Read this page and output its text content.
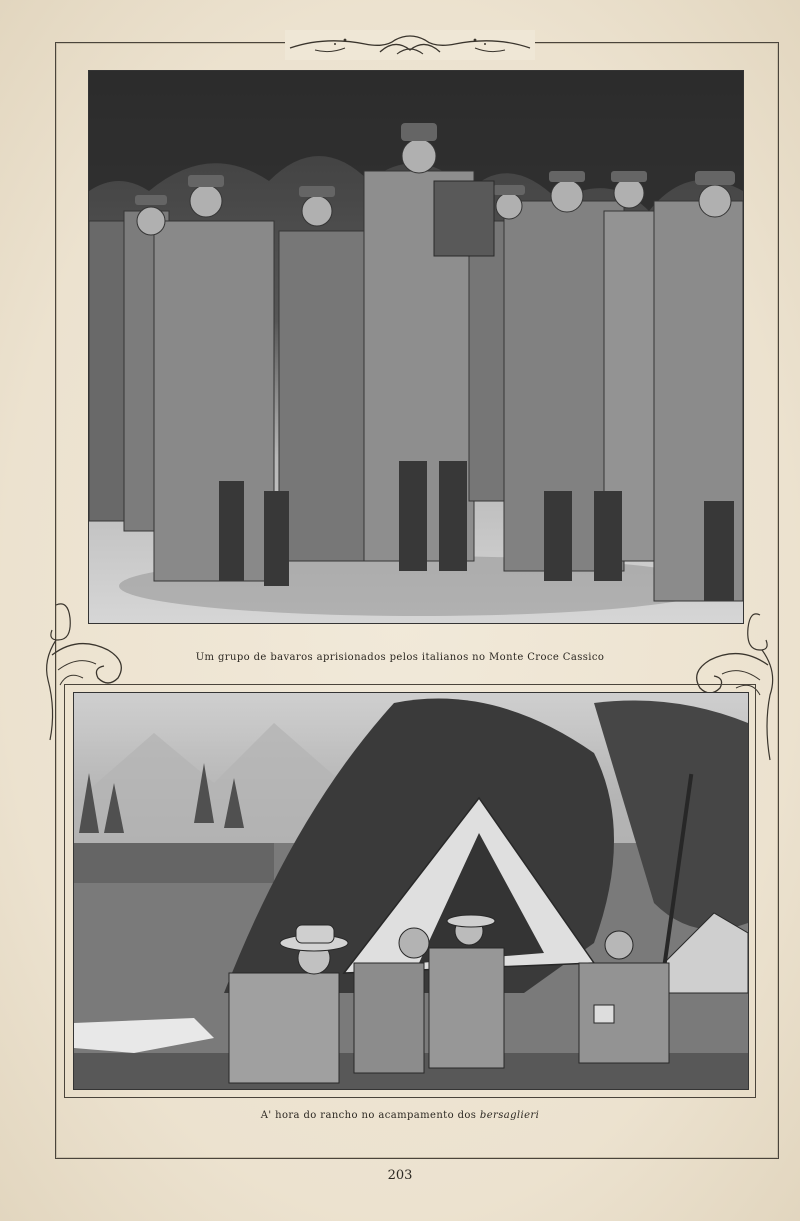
Um grupo de bavaros aprisionados pelos italianos no Monte Croce Cassico
A' hora do rancho no acampamento dos bersaglieri
203
